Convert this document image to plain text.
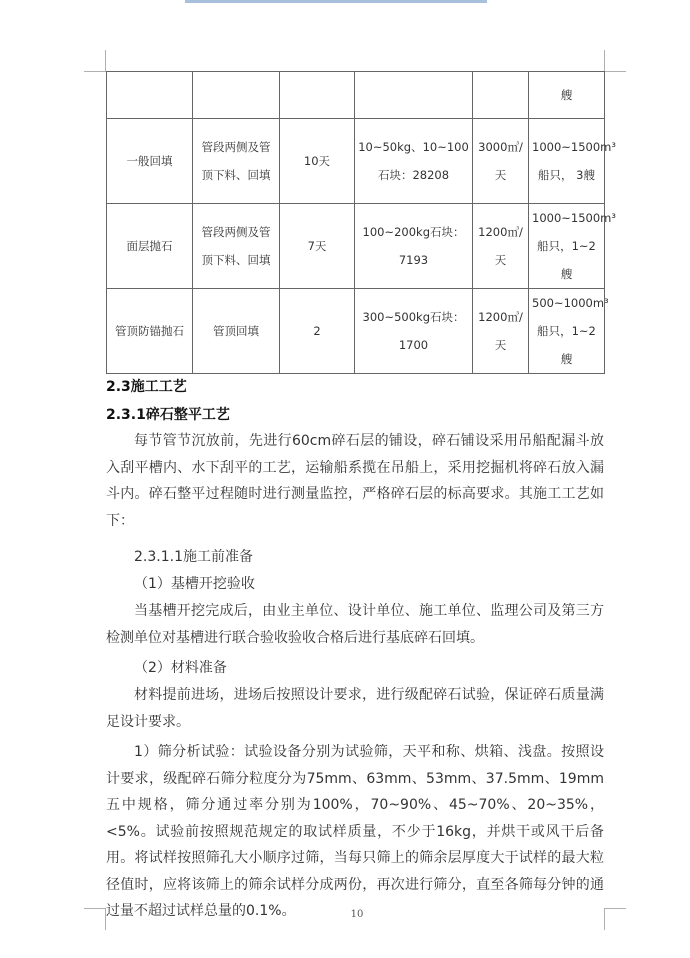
					艘
一般回填	管段两侧及管顶下料、回填	10天	10~50kg、10~100石块：28208	3000㎥/天	1000~1500m³船只， 3艘
面层抛石	管段两侧及管顶下料、回填	7天	100~200kg石块：7193	1200㎥/天	1000~1500m³船只，1~2艘
管顶防锚抛石	管顶回填	2	300~500kg石块：1700	1200㎥/天	500~1000m³船只，1~2艘
2.3施工工艺
2.3.1碎石整平工艺
每节管节沉放前，先进行60cm碎石层的铺设，碎石铺设采用吊船配漏斗放入刮平槽内、水下刮平的工艺，运输船系揽在吊船上，采用挖掘机将碎石放入漏斗内。碎石整平过程随时进行测量监控，严格碎石层的标高要求。其施工工艺如下：
2.3.1.1施工前准备
（1）基槽开挖验收
当基槽开挖完成后，由业主单位、设计单位、施工单位、监理公司及第三方检测单位对基槽进行联合验收验收合格后进行基底碎石回填。
（2）材料准备
材料提前进场，进场后按照设计要求，进行级配碎石试验，保证碎石质量满足设计要求。
1）筛分析试验：试验设备分别为试验筛，天平和称、烘箱、浅盘。按照设计要求，级配碎石筛分粒度分为75mm、63mm、53mm、37.5mm、19mm五中规格，筛分通过率分别为100%，70~90%、45~70%、20~35%，<5%。试验前按照规范规定的取试样质量，不少于16kg，并烘干或风干后备用。将试样按照筛孔大小顺序过筛，当每只筛上的筛余层厚度大于试样的最大粒径值时，应将该筛上的筛余试样分成两份，再次进行筛分，直至各筛每分钟的通过量不超过试样总量的0.1%。	10
